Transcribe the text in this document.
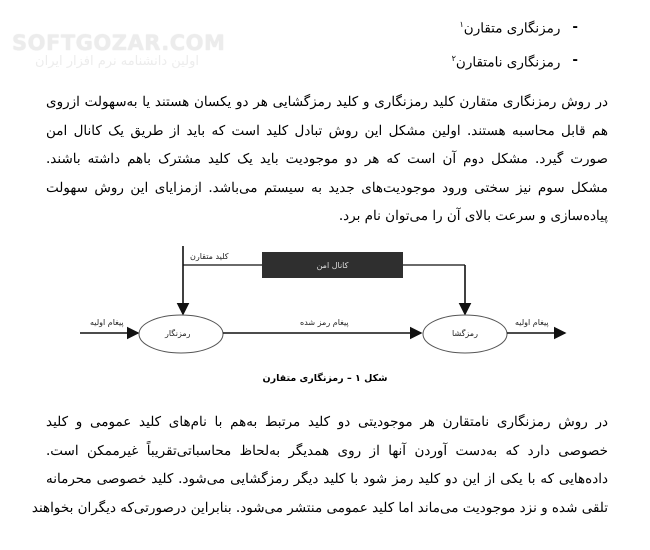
SOFTGOZAR.COM
اولین دانشنامه نرم افزار ایران
-
رمزنگاری متقارن$^۱$
-
رمزنگاری نامتقارن$^۲$
در روش رمزنگاری متقارن کلید رمزنگاری و کلید رمزگشایی هر دو یکسان هستند یا به‌سهولت ازروی
هم قابل محاسبه هستند. اولین مشکل این روش تبادل کلید است که باید از طریق یک کانال امن
صورت گیرد. مشکل دوم آن است که هر دو موجودیت باید یک کلید مشترک باهم داشته باشند.
مشکل سوم نیز سختی ورود موجودیت‌های جدید به سیستم می‌باشد. ازمزایای این روش سهولت
پیاده‌سازی و سرعت بالای آن را می‌توان نام برد.
کانال امن
کلید متقارن
پیغام اولیه
رمزنگار
پیغام رمز شده
رمزگشا
پیغام اولیه
شکل ۱ – رمزنگاری متقارن
در روش رمزنگاری نامتقارن هر موجودیتی دو کلید مرتبط به‌هم با نام‌های کلید عمومی و کلید
خصوصی دارد که به‌دست آوردن آنها از روی همدیگر به‌لحاظ محاسباتی‌تقریباً غیرممکن است.
داده‌هایی که با یکی از این دو کلید رمز شود با کلید دیگر رمزگشایی می‌شود. کلید خصوصی محرمانه
تلقی شده و نزد موجودیت می‌ماند اما کلید عمومی منتشر می‌شود. بنابراین درصورتی‌که دیگران بخواهند
